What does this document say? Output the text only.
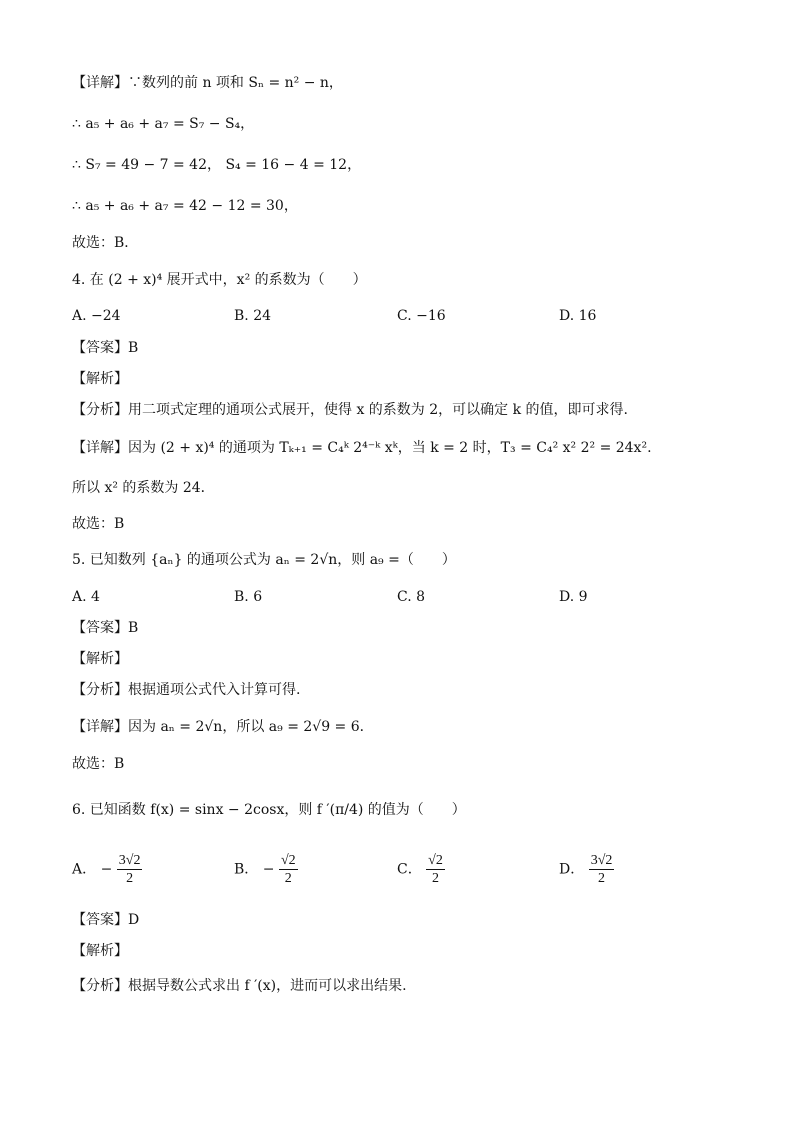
【详解】∵数列的前 n 项和 Sₙ = n² − n，
∴ a₅ + a₆ + a₇ = S₇ − S₄，
∴ S₇ = 49 − 7 = 42， S₄ = 16 − 4 = 12，
∴ a₅ + a₆ + a₇ = 42 − 12 = 30，
故选：B．
4. 在 (2 + x)⁴ 展开式中，x² 的系数为（　　）
A. −24	B. 24	C. −16	D. 16
【答案】B
【解析】
【分析】用二项式定理的通项公式展开，使得 x 的系数为 2，可以确定 k 的值，即可求得.
【详解】因为 (2 + x)⁴ 的通项为 Tₖ₊₁ = C₄ᵏ 2⁴⁻ᵏ xᵏ，当 k = 2 时，T₃ = C₄² x² 2² = 24x².
所以 x² 的系数为 24．
故选：B
5. 已知数列 {aₙ} 的通项公式为 aₙ = 2√n，则 a₉ =（　　）
A. 4	B. 6	C. 8	D. 9
【答案】B
【解析】
【分析】根据通项公式代入计算可得.
【详解】因为 aₙ = 2√n，所以 a₉ = 2√9 = 6．
故选：B
6. 已知函数 f(x) = sinx − 2cosx，则 f ′(π/4) 的值为（　　）
A． − $\frac{3√2}{2}$	B． − $\frac{√2}{2}$	C． $\frac{√2}{2}$	D． $\frac{3√2}{2}$
【答案】D
【解析】
【分析】根据导数公式求出 f ′(x)，进而可以求出结果.
